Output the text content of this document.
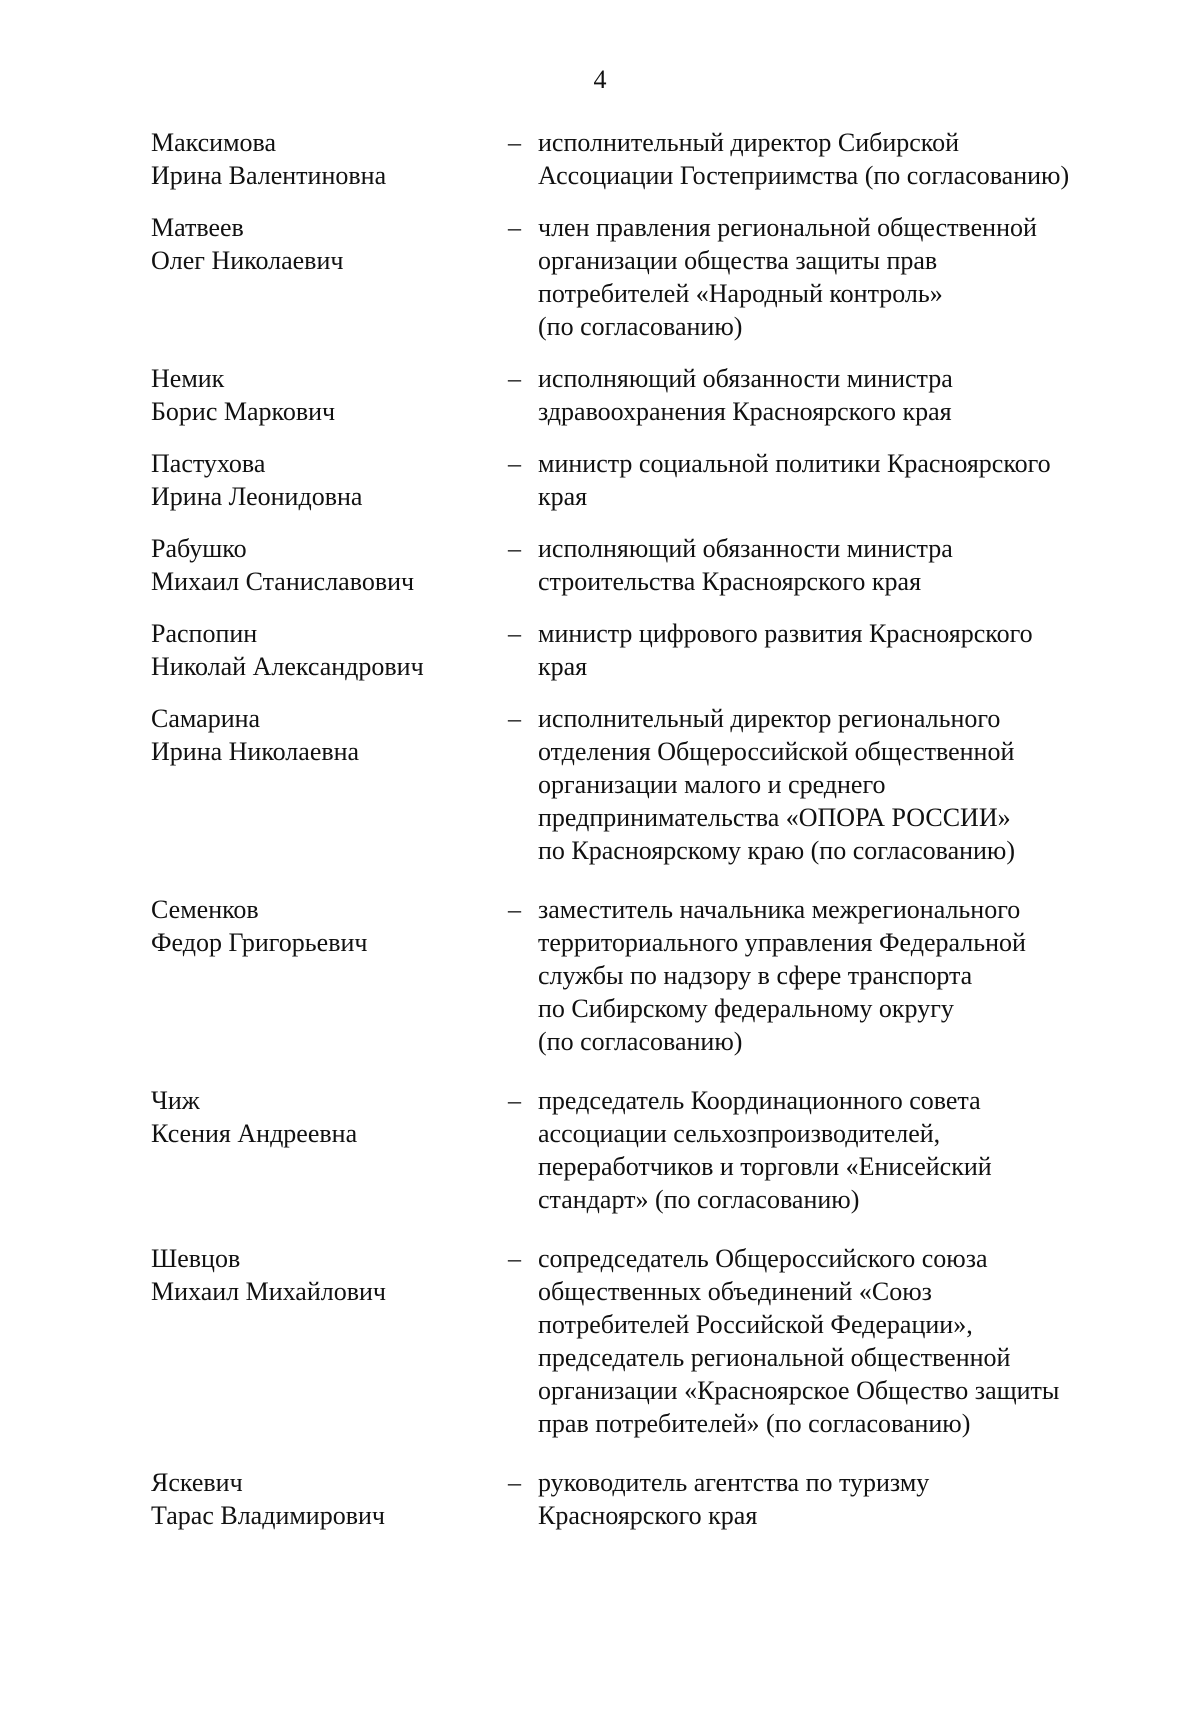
4
Максимова
Ирина Валентиновна
– исполнительный директор Сибирской
Ассоциации Гостеприимства (по согласованию)
Матвеев
Олег Николаевич
– член правления региональной общественной
организации общества защиты прав
потребителей «Народный контроль»
(по согласованию)
Немик
Борис Маркович
– исполняющий обязанности министра
здравоохранения Красноярского края
Пастухова
Ирина Леонидовна
– министр социальной политики Красноярского
края
Рабушко
Михаил Станиславович
– исполняющий обязанности министра
строительства Красноярского края
Распопин
Николай Александрович
– министр цифрового развития Красноярского
края
Самарина
Ирина Николаевна
– исполнительный директор регионального
отделения Общероссийской общественной
организации малого и среднего
предпринимательства «ОПОРА РОССИИ»
по Красноярскому краю (по согласованию)
Семенков
Федор Григорьевич
– заместитель начальника межрегионального
территориального управления Федеральной
службы по надзору в сфере транспорта
по Сибирскому федеральному округу
(по согласованию)
Чиж
Ксения Андреевна
– председатель Координационного совета
ассоциации сельхозпроизводителей,
переработчиков и торговли «Енисейский
стандарт» (по согласованию)
Шевцов
Михаил Михайлович
– сопредседатель Общероссийского союза
общественных объединений «Союз
потребителей Российской Федерации»,
председатель региональной общественной
организации «Красноярское Общество защиты
прав потребителей» (по согласованию)
Яскевич
Тарас Владимирович
– руководитель агентства по туризму
Красноярского края
